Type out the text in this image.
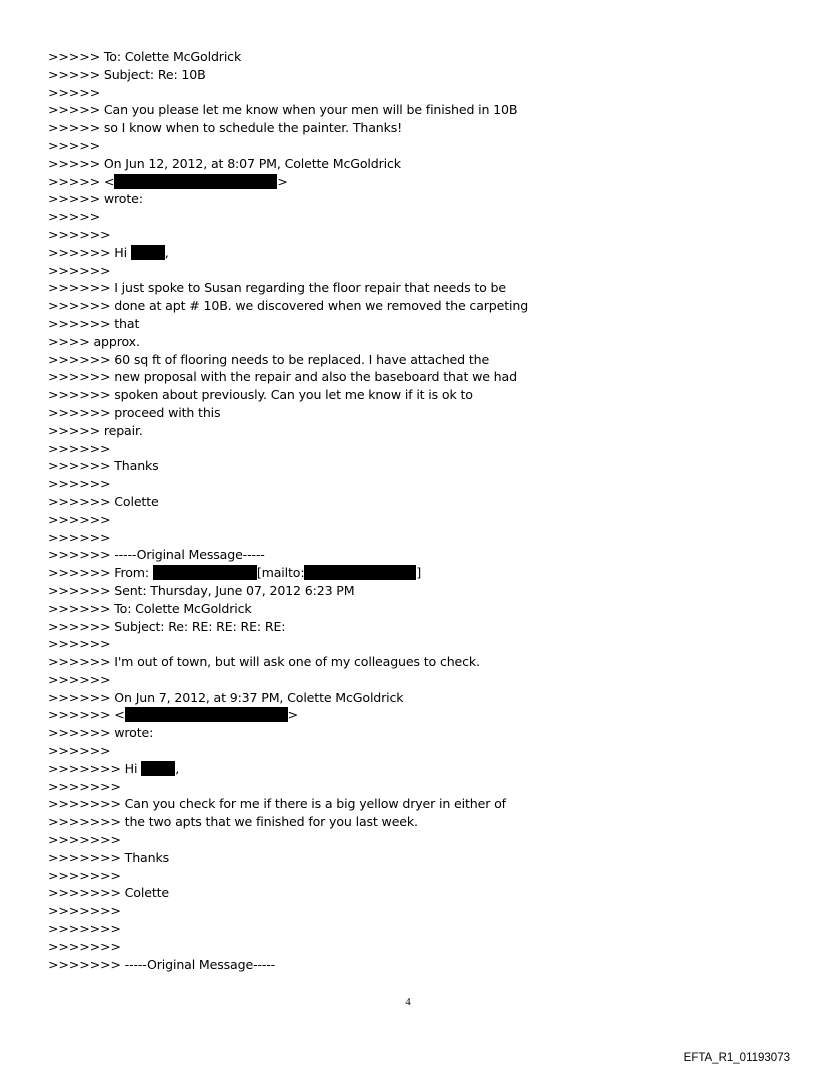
>>>>> To: Colette McGoldrick
>>>>> Subject: Re: 10B
>>>>>
>>>>> Can you please let me know when your men will be finished in 10B
>>>>> so I know when to schedule the painter. Thanks!
>>>>>
>>>>> On Jun 12, 2012, at 8:07 PM, Colette McGoldrick
>>>>> <	>
>>>>> wrote:
>>>>>
>>>>>>
>>>>>> Hi	,
>>>>>>
>>>>>> I just spoke to Susan regarding the floor repair that needs to be
>>>>>> done at apt # 10B. we discovered when we removed the carpeting
>>>>>> that
>>>> approx.
>>>>>> 60 sq ft of flooring needs to be replaced. I have attached the
>>>>>> new proposal with the repair and also the baseboard that we had
>>>>>> spoken about previously. Can you let me know if it is ok to
>>>>>> proceed with this
>>>>> repair.
>>>>>>
>>>>>> Thanks
>>>>>>
>>>>>> Colette
>>>>>>
>>>>>>
>>>>>> -----Original Message-----
>>>>>> From:	[mailto:	]
>>>>>> Sent: Thursday, June 07, 2012 6:23 PM
>>>>>> To: Colette McGoldrick
>>>>>> Subject: Re: RE: RE: RE: RE:
>>>>>>
>>>>>> I'm out of town, but will ask one of my colleagues to check.
>>>>>>
>>>>>> On Jun 7, 2012, at 9:37 PM, Colette McGoldrick
>>>>>> <	>
>>>>>> wrote:
>>>>>>
>>>>>>> Hi	,
>>>>>>>
>>>>>>> Can you check for me if there is a big yellow dryer in either of
>>>>>>> the two apts that we finished for you last week.
>>>>>>>
>>>>>>> Thanks
>>>>>>>
>>>>>>> Colette
>>>>>>>
>>>>>>>
>>>>>>>
>>>>>>> -----Original Message-----
4
EFTA_R1_01193073
